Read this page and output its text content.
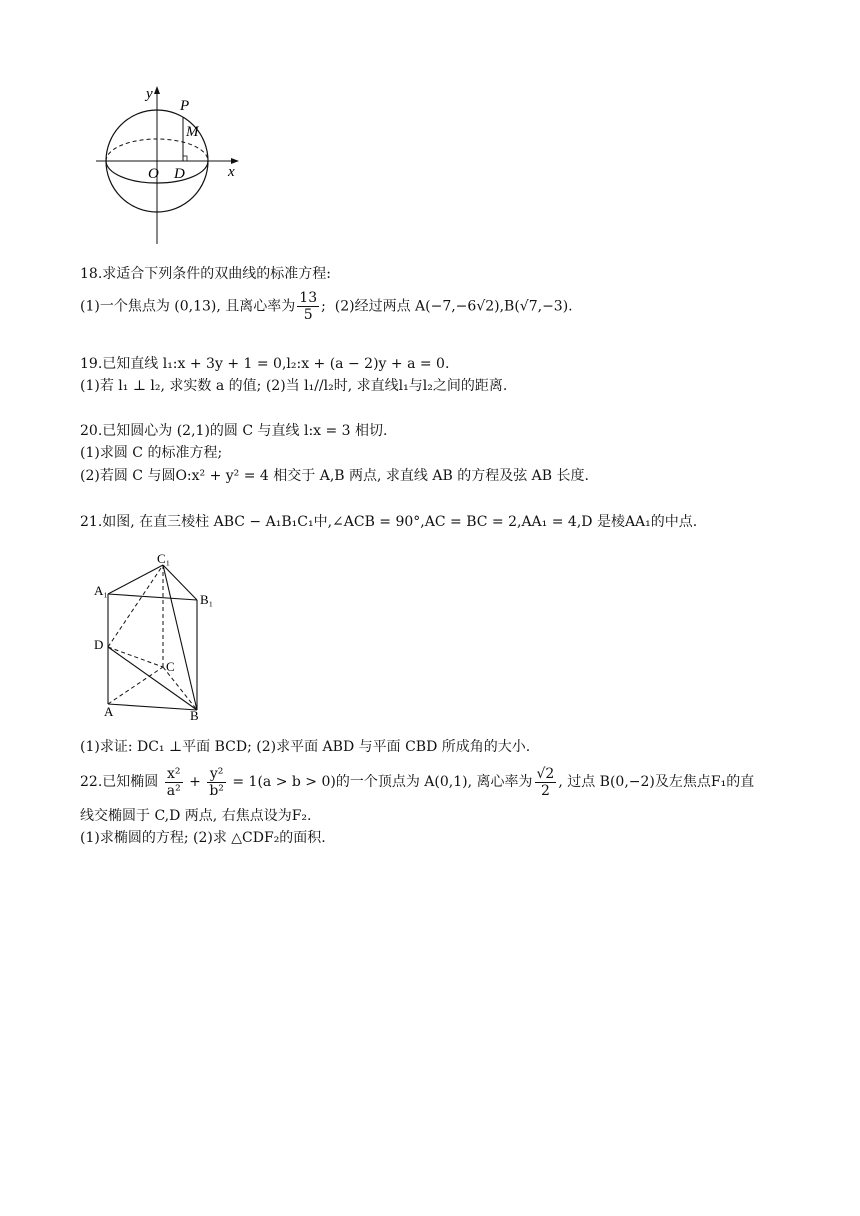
y
P
M
O D	x
18.求适合下列条件的双曲线的标准方程:
(1)一个焦点为 (0,13), 且离心率为 $\frac{13}{5}$ ; (2)经过两点 A(−7,−6√2),B(√7,−3).
19.已知直线 l₁:x + 3y + 1 = 0,l₂:x + (a − 2)y + a = 0.
(1)若 l₁ ⊥ l₂, 求实数 a 的值; (2)当 l₁//l₂时, 求直线l₁与l₂之间的距离.
20.已知圆心为 (2,1)的圆 C 与直线 l:x = 3 相切.
(1)求圆 C 的标准方程;
(2)若圆 C 与圆O:x² + y² = 4 相交于 A,B 两点, 求直线 AB 的方程及弦 AB 长度.
21.如图, 在直三棱柱 ABC − A₁B₁C₁中,∠ACB = 90°,AC = BC = 2,AA₁ = 4,D 是棱AA₁的中点.
C₁
A₁
B₁
D
C
A	B
(1)求证: DC₁ ⊥平面 BCD; (2)求平面 ABD 与平面 CBD 所成角的大小.
22.已知椭圆 $\frac{\text{x²}}{\text{a²}} + \frac{\text{y²}}{\text{b²}} = 1(a > b > 0)$的一个顶点为 A(0,1), 离心率为 $\frac{√2}{2}$ , 过点 B(0,−2)及左焦点F₁的直
线交椭圆于 C,D 两点, 右焦点设为F₂.
(1)求椭圆的方程; (2)求 △CDF₂的面积.
